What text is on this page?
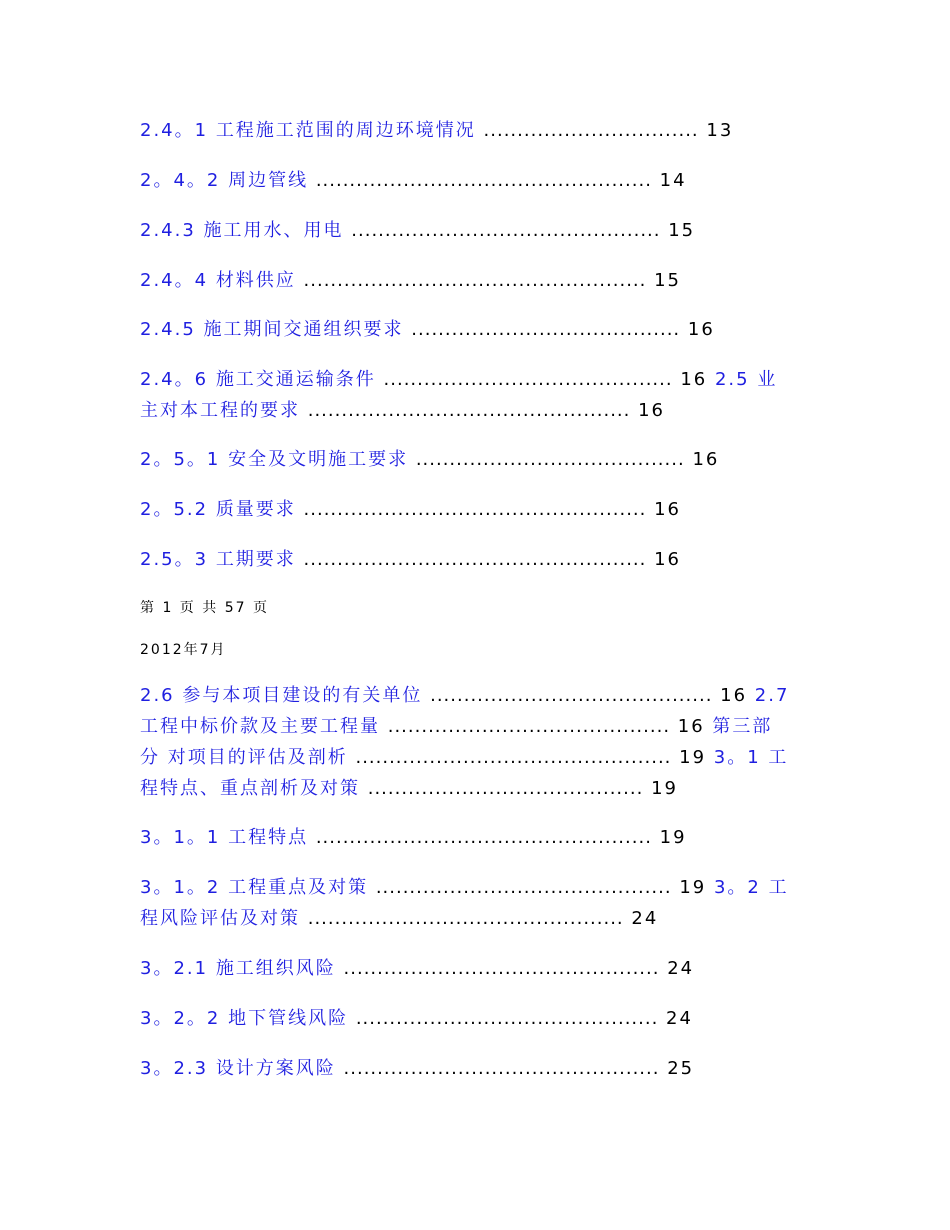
2.4。1 工程施工范围的周边环境情况 ................................ 13
2。4。2 周边管线 .................................................. 14
2.4.3 施工用水、用电 .............................................. 15
2.4。4 材料供应 ................................................... 15
2.4.5 施工期间交通组织要求 ........................................ 16
2.4。6 施工交通运输条件 ........................................... 16 2.5 业
主对本工程的要求 ................................................ 16
2。5。1 安全及文明施工要求 ........................................ 16
2。5.2 质量要求 ................................................... 16
2.5。3 工期要求 ................................................... 16
第 1 页 共 57 页
2012年7月
2.6 参与本项目建设的有关单位 .......................................... 16 2.7
工程中标价款及主要工程量 .......................................... 16 第三部
分 对项目的评估及剖析 ............................................... 19 3。1 工
程特点、重点剖析及对策 ......................................... 19
3。1。1 工程特点 .................................................. 19
3。1。2 工程重点及对策 ............................................ 19 3。2 工
程风险评估及对策 ............................................... 24
3。2.1 施工组织风险 ............................................... 24
3。2。2 地下管线风险 ............................................. 24
3。2.3 设计方案风险 ............................................... 25
